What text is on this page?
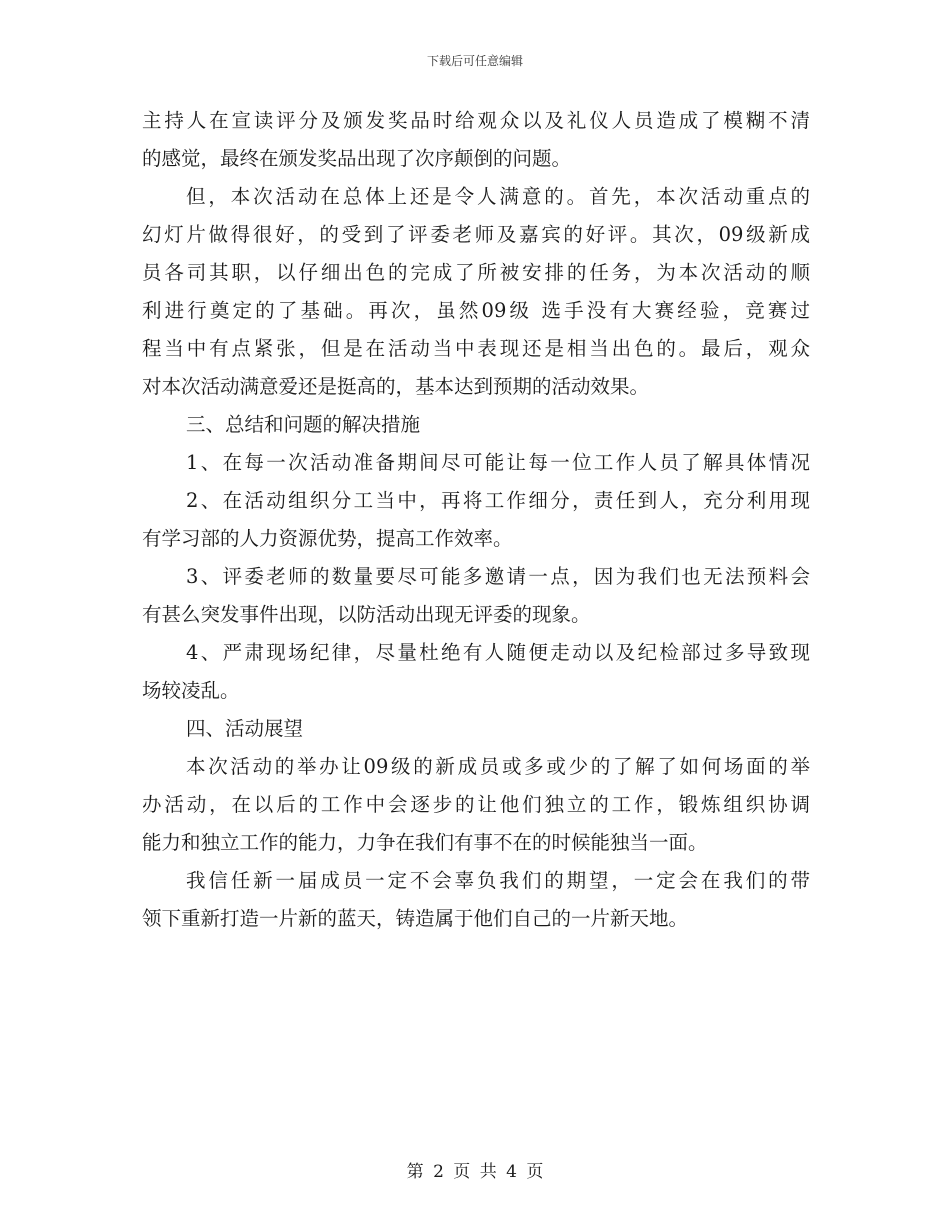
下载后可任意编辑
主持人在宣读评分及颁发奖品时给观众以及礼仪人员造成了模糊不清
的感觉，最终在颁发奖品出现了次序颠倒的问题。
但，本次活动在总体上还是令人满意的。首先，本次活动重点的
幻灯片做得很好，的受到了评委老师及嘉宾的好评。其次，09级新成
员各司其职，以仔细出色的完成了所被安排的任务，为本次活动的顺
利进行奠定的了基础。再次，虽然09级 选手没有大赛经验，竞赛过
程当中有点紧张，但是在活动当中表现还是相当出色的。最后，观众
对本次活动满意爱还是挺高的，基本达到预期的活动效果。
三、总结和问题的解决措施
1、在每一次活动准备期间尽可能让每一位工作人员了解具体情况
2、在活动组织分工当中，再将工作细分，责任到人，充分利用现
有学习部的人力资源优势，提高工作效率。
3、评委老师的数量要尽可能多邀请一点，因为我们也无法预料会
有甚么突发事件出现，以防活动出现无评委的现象。
4、严肃现场纪律，尽量杜绝有人随便走动以及纪检部过多导致现
场较凌乱。
四、活动展望
本次活动的举办让09级的新成员或多或少的了解了如何场面的举
办活动，在以后的工作中会逐步的让他们独立的工作，锻炼组织协调
能力和独立工作的能力，力争在我们有事不在的时候能独当一面。
我信任新一届成员一定不会辜负我们的期望，一定会在我们的带
领下重新打造一片新的蓝天，铸造属于他们自己的一片新天地。
第 2 页 共 4 页
